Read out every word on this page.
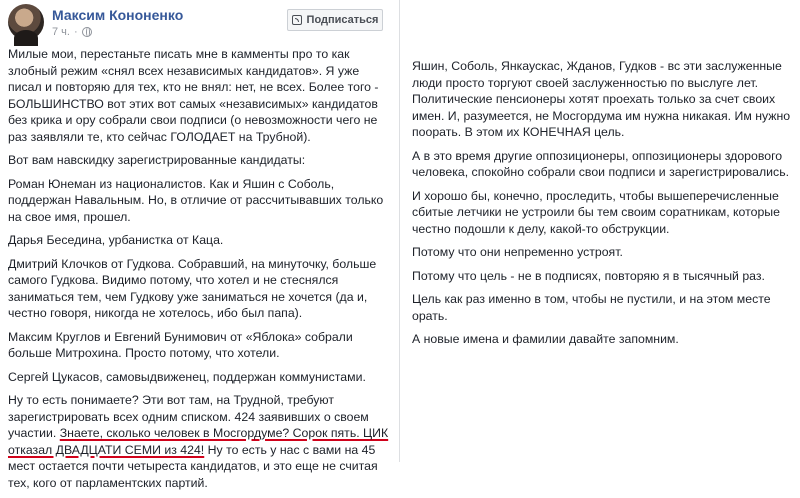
Максим Кононенко
7 ч. ·
Подписаться

Милые мои, перестаньте писать мне в камменты про то как злобный режим «снял всех независимых кандидатов». Я уже писал и повторяю для тех, кто не внял: нет, не всех. Более того - БОЛЬШИНСТВО вот этих вот самых «независимых» кандидатов без крика и ору собрали свои подписи (о невозможности чего не раз заявляли те, кто сейчас ГОЛОДАЕТ на Трубной).

Вот вам навскидку зарегистрированные кандидаты:

Роман Юнеман из националистов. Как и Яшин с Соболь, поддержан Навальным. Но, в отличие от рассчитывавших только на свое имя, прошел.

Дарья Беседина, урбанистка от Каца.

Дмитрий Клочков от Гудкова. Собравший, на минуточку, больше самого Гудкова. Видимо потому, что хотел и не стеснялся заниматься тем, чем Гудкову уже заниматься не хочется (да и, честно говоря, никогда не хотелось, ибо был папа).

Максим Круглов и Евгений Бунимович от «Яблока» собрали больше Митрохина. Просто потому, что хотели.

Сергей Цукасов, самовыдвиженец, поддержан коммунистами.

Ну то есть понимаете? Эти вот там, на Трудной, требуют зарегистрировать всех одним списком. 424 заявивших о своем участии. Знаете, сколько человек в Мосгордуме? Сорок пять. ЦИК отказал ДВАДЦАТИ СЕМИ из 424! Ну то есть у нас с вами на 45 мест остается почти четыреста кандидатов, и это еще не считая тех, кого от парламентских партий.

Яшин, Соболь, Янкаускас, Жданов, Гудков - вс эти заслуженные люди просто торгуют своей заслуженностью по выслуге лет. Политические пенсионеры хотят проехать только за счет своих имен. И, разумеется, не Мосгордума им нужна никакая. Им нужно поорать. В этом их КОНЕЧНАЯ цель.

А в это время другие оппозиционеры, оппозиционеры здорового человека, спокойно собрали свои подписи и зарегистрировались.

И хорошо бы, конечно, проследить, чтобы вышеперечисленные сбитые летчики не устроили бы тем своим соратникам, которые честно подошли к делу, какой-то обструкции.

Потому что они непременно устроят.

Потому что цель - не в подписях, повторяю я в тысячный раз.

Цель как раз именно в том, чтобы не пустили, и на этом месте орать.

А новые имена и фамилии давайте запомним.
